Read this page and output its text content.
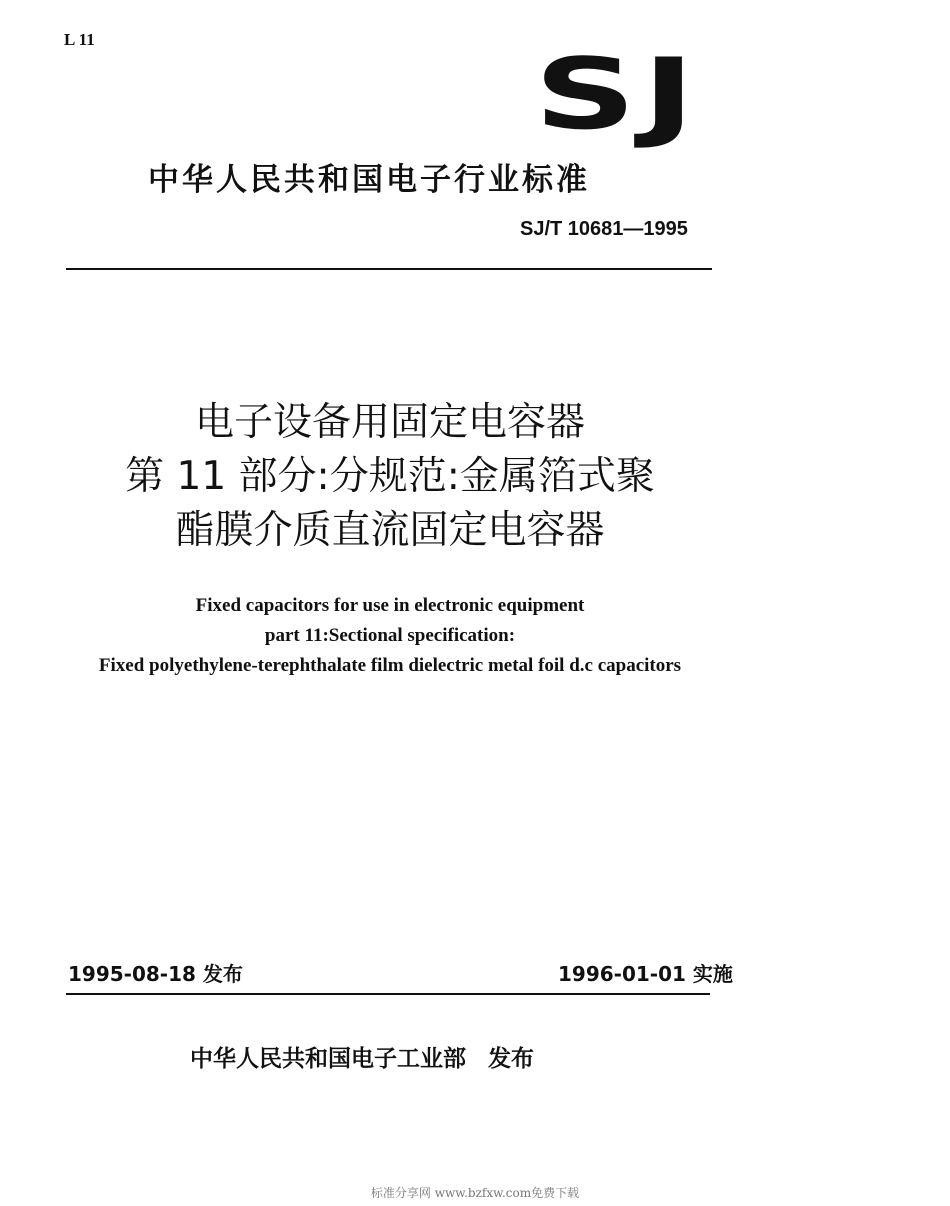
L 11	SJ
中华人民共和国电子行业标准
SJ/T 10681—1995
电子设备用固定电容器
第 11 部分:分规范:金属箔式聚
酯膜介质直流固定电容器
Fixed capacitors for use in electronic equipment
part 11:Sectional specification:
Fixed polyethylene-terephthalate film dielectric metal foil d.c capacitors
1995-08-18 发布	1996-01-01 实施
中华人民共和国电子工业部 发布
标准分享网 www.bzfxw.com免费下载
